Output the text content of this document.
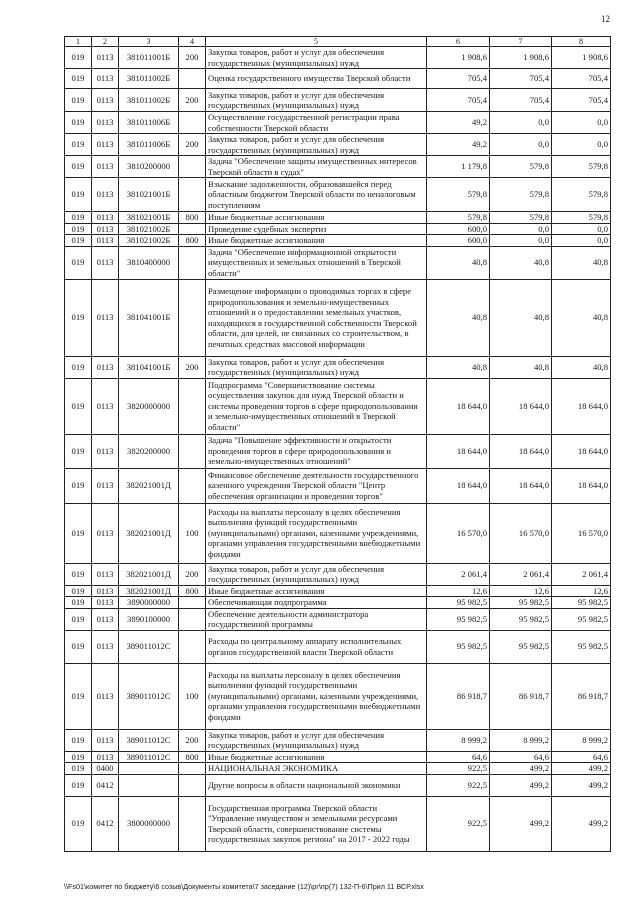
12
1	2	3	4	5	6	7	8
019	0113	381011001Б	200	Закупка товаров, работ и услуг для обеспечения государственных (муниципальных) нужд	1 908,6	1 908,6	1 908,6
019	0113	381011002Б		Оценка государственного имущества Тверской области	705,4	705,4	705,4
019	0113	381011002Б	200	Закупка товаров, работ и услуг для обеспечения государственных (муниципальных) нужд	705,4	705,4	705,4
019	0113	381011006Б		Осуществление государственной регистрации права собственности Тверской области	49,2	0,0	0,0
019	0113	381011006Б	200	Закупка товаров, работ и услуг для обеспечения государственных (муниципальных) нужд	49,2	0,0	0,0
019	0113	3810200000		Задача "Обеспечение защиты имущественных интересов Тверской области в судах"	1 179,8	579,8	579,8
019	0113	381021001Б		Взыскание задолженности, образовавшейся перед областным бюджетом Тверской области по неналоговым поступлениям	579,8	579,8	579,8
019	0113	381021001Б	800	Иные бюджетные ассигнования	579,8	579,8	579,8
019	0113	381021002Б		Проведение судебных экспертиз	600,0	0,0	0,0
019	0113	381021002Б	800	Иные бюджетные ассигнования	600,0	0,0	0,0
019	0113	3810400000		Задача "Обеспечение информационной открытости имущественных и земельных отношений в Тверской области"	40,8	40,8	40,8
019	0113	381041001Б		Размещение информации о проводимых торгах в сфере природопользования и земельно-имущественных отношений и о предоставлении земельных участков, находящихся в государственной собственности Тверской области, для целей, не связанных со строительством, в печатных средствах массовой информации	40,8	40,8	40,8
019	0113	381041001Б	200	Закупка товаров, работ и услуг для обеспечения государственных (муниципальных) нужд	40,8	40,8	40,8
019	0113	3820000000		Подпрограмма "Совершенствование системы осуществления закупок для нужд Тверской области и системы проведения торгов в сфере природопользования и земельно-имущественных отношений в Тверской области"	18 644,0	18 644,0	18 644,0
019	0113	3820200000		Задача "Повышение эффективности и открытости проведения торгов в сфере природопользования и земельно-имущественных отношений"	18 644,0	18 644,0	18 644,0
019	0113	382021001Д		Финансовое обеспечение деятельности государственного казенного учреждения Тверской области "Центр обеспечения организации и проведения торгов"	18 644,0	18 644,0	18 644,0
019	0113	382021001Д	100	Расходы на выплаты персоналу в целях обеспечения выполнения функций государственными (муниципальными) органами, казенными учреждениями, органами управления государственными внебюджетными фондами	16 570,0	16 570,0	16 570,0
019	0113	382021001Д	200	Закупка товаров, работ и услуг для обеспечения государственных (муниципальных) нужд	2 061,4	2 061,4	2 061,4
019	0113	382021001Д	800	Иные бюджетные ассигнования	12,6	12,6	12,6
019	0113	3890000000		Обеспечивающая подпрограмма	95 982,5	95 982,5	95 982,5
019	0113	3890100000		Обеспечение деятельности администратора государственной программы	95 982,5	95 982,5	95 982,5
019	0113	389011012С		Расходы по центральному аппарату исполнительных органов государственной власти Тверской области	95 982,5	95 982,5	95 982,5
019	0113	389011012С	100	Расходы на выплаты персоналу в целях обеспечения выполнения функций государственными (муниципальными) органами, казенными учреждениями, органами управления государственными внебюджетными фондами	86 918,7	86 918,7	86 918,7
019	0113	389011012С	200	Закупка товаров, работ и услуг для обеспечения государственных (муниципальных) нужд	8 999,2	8 999,2	8 999,2
019	0113	389011012С	800	Иные бюджетные ассигнования	64,6	64,6	64,6
019	0400			НАЦИОНАЛЬНАЯ ЭКОНОМИКА	922,5	499,2	499,2
019	0412			Другие вопросы в области национальной экономики	922,5	499,2	499,2
019	0412	3800000000		Государственная программа Тверской области "Управление имуществом и земельными ресурсами Тверской области, совершенствование системы государственных закупок региона" на 2017 - 2022 годы	922,5	499,2	499,2
\\Fs01\комитет по бюджету\6 созыв\Документы комитета\7 заседание (12)\рг\пр(7) 132-П-6\Прил 11 ВСР.xlsx
